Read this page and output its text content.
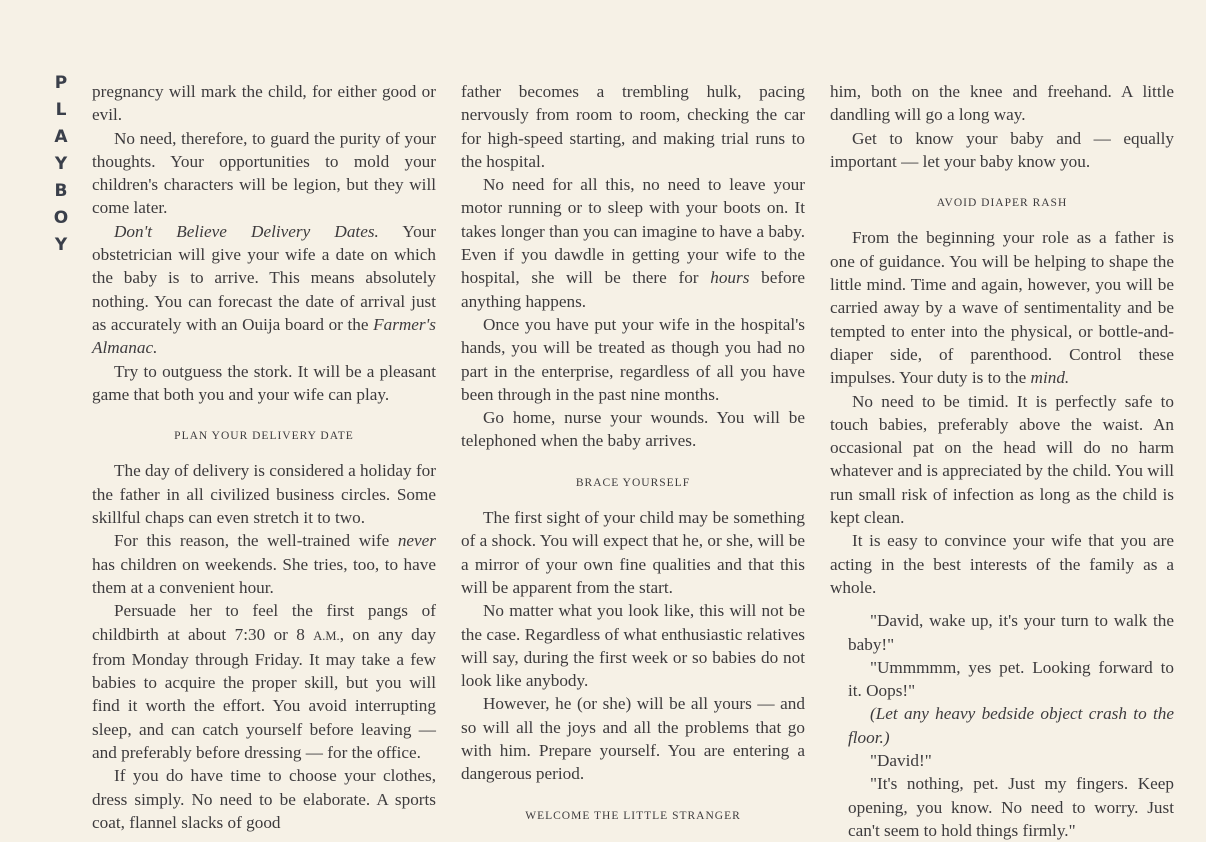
P
L
A
Y
B
O
Y

pregnancy will mark the child, for either good or evil.

No need, therefore, to guard the purity of your thoughts. Your opportunities to mold your children's characters will be legion, but they will come later.

Don't Believe Delivery Dates. Your obstetrician will give your wife a date on which the baby is to arrive. This means absolutely nothing. You can forecast the date of arrival just as accurately with an Ouija board or the Farmer's Almanac.

Try to outguess the stork. It will be a pleasant game that both you and your wife can play.

PLAN YOUR DELIVERY DATE

The day of delivery is considered a holiday for the father in all civilized business circles. Some skillful chaps can even stretch it to two.

For this reason, the well-trained wife never has children on weekends. She tries, too, to have them at a convenient hour.

Persuade her to feel the first pangs of childbirth at about 7:30 or 8 A.M., on any day from Monday through Friday. It may take a few babies to acquire the proper skill, but you will find it worth the effort. You avoid interrupting sleep, and can catch yourself before leaving — and preferably before dressing — for the office.

If you do have time to choose your clothes, dress simply. No need to be elaborate. A sports coat, flannel slacks of good

father becomes a trembling hulk, pacing nervously from room to room, checking the car for high-speed starting, and making trial runs to the hospital.

No need for all this, no need to leave your motor running or to sleep with your boots on. It takes longer than you can imagine to have a baby. Even if you dawdle in getting your wife to the hospital, she will be there for hours before anything happens.

Once you have put your wife in the hospital's hands, you will be treated as though you had no part in the enterprise, regardless of all you have been through in the past nine months.

Go home, nurse your wounds. You will be telephoned when the baby arrives.

BRACE YOURSELF

The first sight of your child may be something of a shock. You will expect that he, or she, will be a mirror of your own fine qualities and that this will be apparent from the start.

No matter what you look like, this will not be the case. Regardless of what enthusiastic relatives will say, during the first week or so babies do not look like anybody.

However, he (or she) will be all yours — and so will all the joys and all the problems that go with him. Prepare yourself. You are entering a dangerous period.

WELCOME THE LITTLE STRANGER

him, both on the knee and freehand. A little dandling will go a long way.

Get to know your baby and — equally important — let your baby know you.

AVOID DIAPER RASH

From the beginning your role as a father is one of guidance. You will be helping to shape the little mind. Time and again, however, you will be carried away by a wave of sentimentality and be tempted to enter into the physical, or bottle-and-diaper side, of parenthood. Control these impulses. Your duty is to the mind.

No need to be timid. It is perfectly safe to touch babies, preferably above the waist. An occasional pat on the head will do no harm whatever and is appreciated by the child. You will run small risk of infection as long as the child is kept clean.

It is easy to convince your wife that you are acting in the best interests of the family as a whole.

"David, wake up, it's your turn to walk the baby!"

"Ummmmm, yes pet. Looking forward to it. Oops!"

(Let any heavy bedside object crash to the floor.)

"David!"

"It's nothing, pet. Just my fingers. Keep opening, you know. No need to worry. Just can't seem to hold things firmly."
